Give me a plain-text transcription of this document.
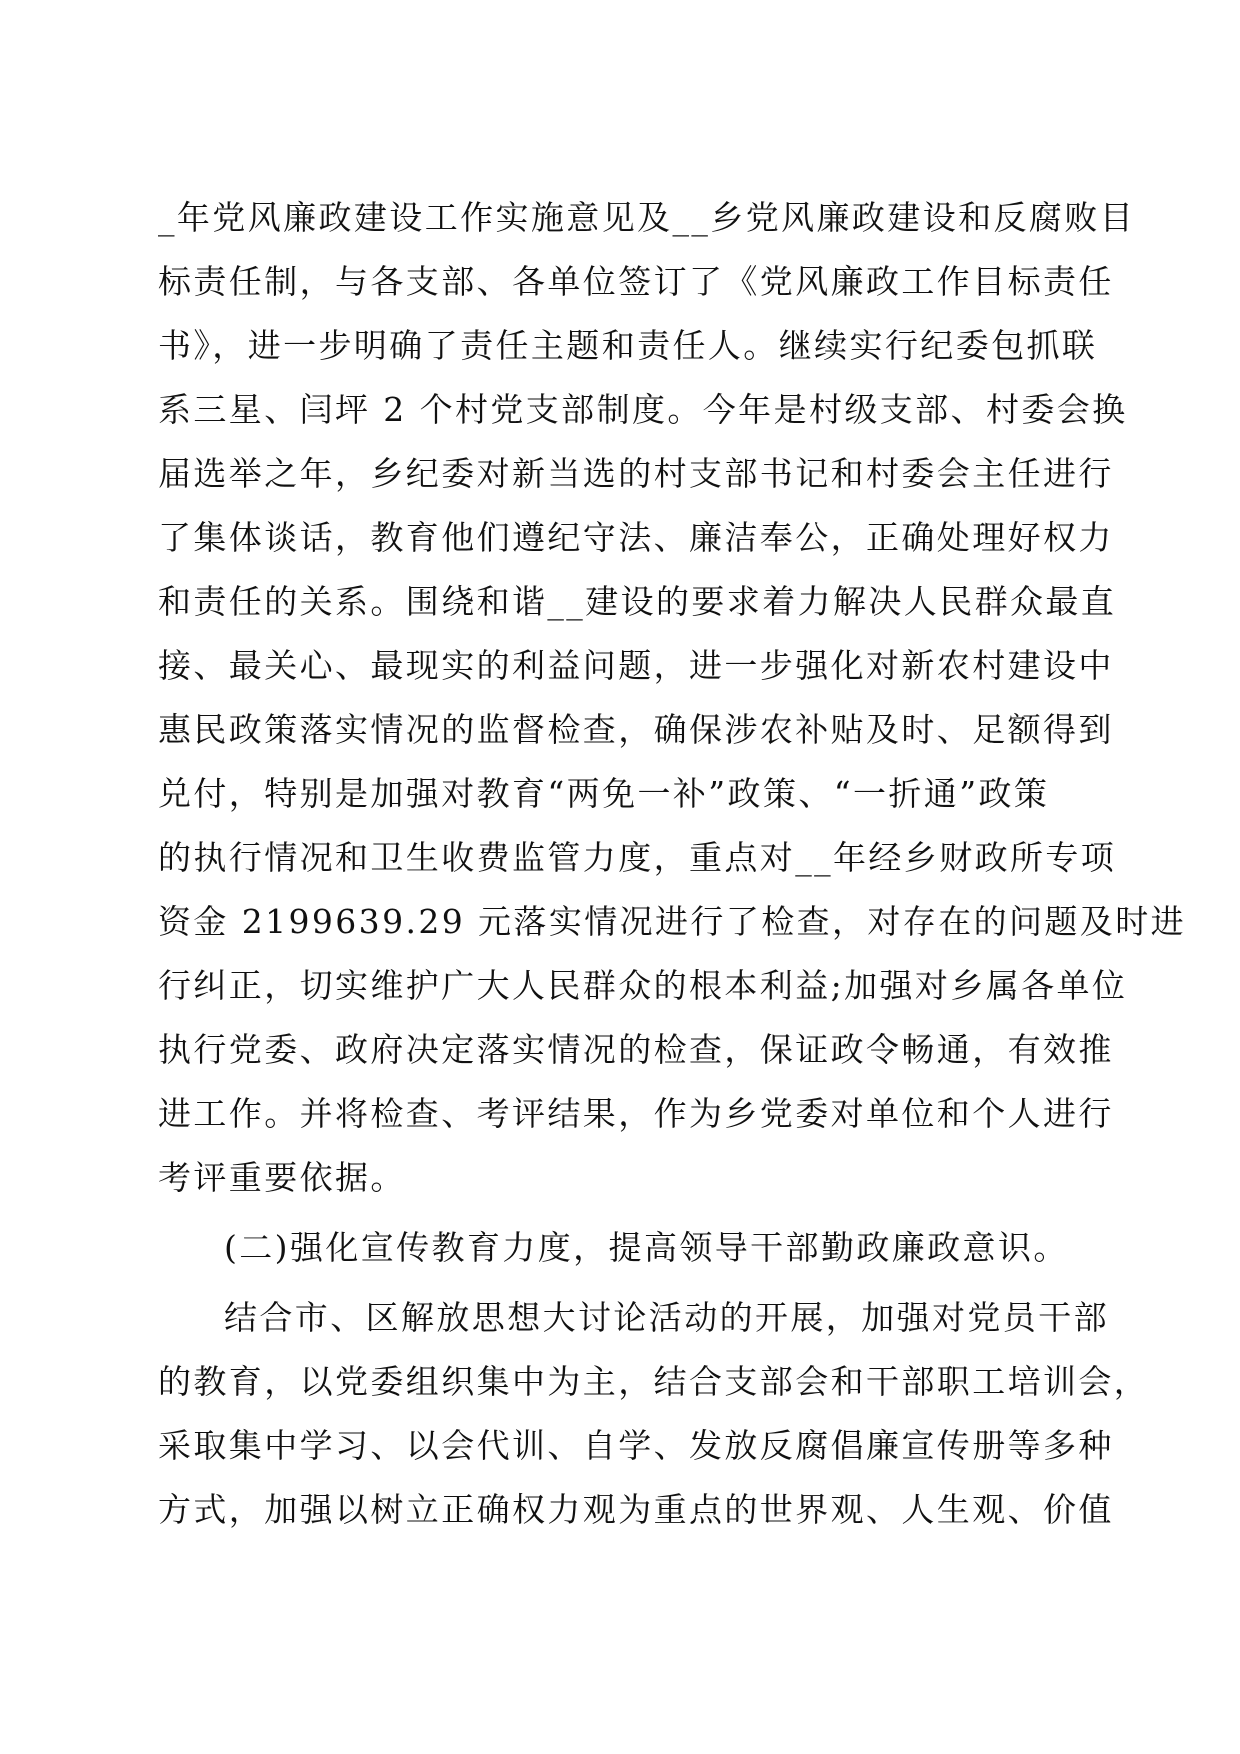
_年党风廉政建设工作实施意见及__乡党风廉政建设和反腐败目
标责任制，与各支部、各单位签订了《党风廉政工作目标责任
书》，进一步明确了责任主题和责任人。继续实行纪委包抓联
系三星、闫坪 2 个村党支部制度。今年是村级支部、村委会换
届选举之年，乡纪委对新当选的村支部书记和村委会主任进行
了集体谈话，教育他们遵纪守法、廉洁奉公，正确处理好权力
和责任的关系。围绕和谐__建设的要求着力解决人民群众最直
接、最关心、最现实的利益问题，进一步强化对新农村建设中
惠民政策落实情况的监督检查，确保涉农补贴及时、足额得到
兑付，特别是加强对教育“两免一补”政策、“一折通”政策
的执行情况和卫生收费监管力度，重点对__年经乡财政所专项
资金 2199639.29 元落实情况进行了检查，对存在的问题及时进
行纠正，切实维护广大人民群众的根本利益;加强对乡属各单位
执行党委、政府决定落实情况的检查，保证政令畅通，有效推
进工作。并将检查、考评结果，作为乡党委对单位和个人进行
考评重要依据。
(二)强化宣传教育力度，提高领导干部勤政廉政意识。
结合市、区解放思想大讨论活动的开展，加强对党员干部
的教育，以党委组织集中为主，结合支部会和干部职工培训会，
采取集中学习、以会代训、自学、发放反腐倡廉宣传册等多种
方式，加强以树立正确权力观为重点的世界观、人生观、价值
